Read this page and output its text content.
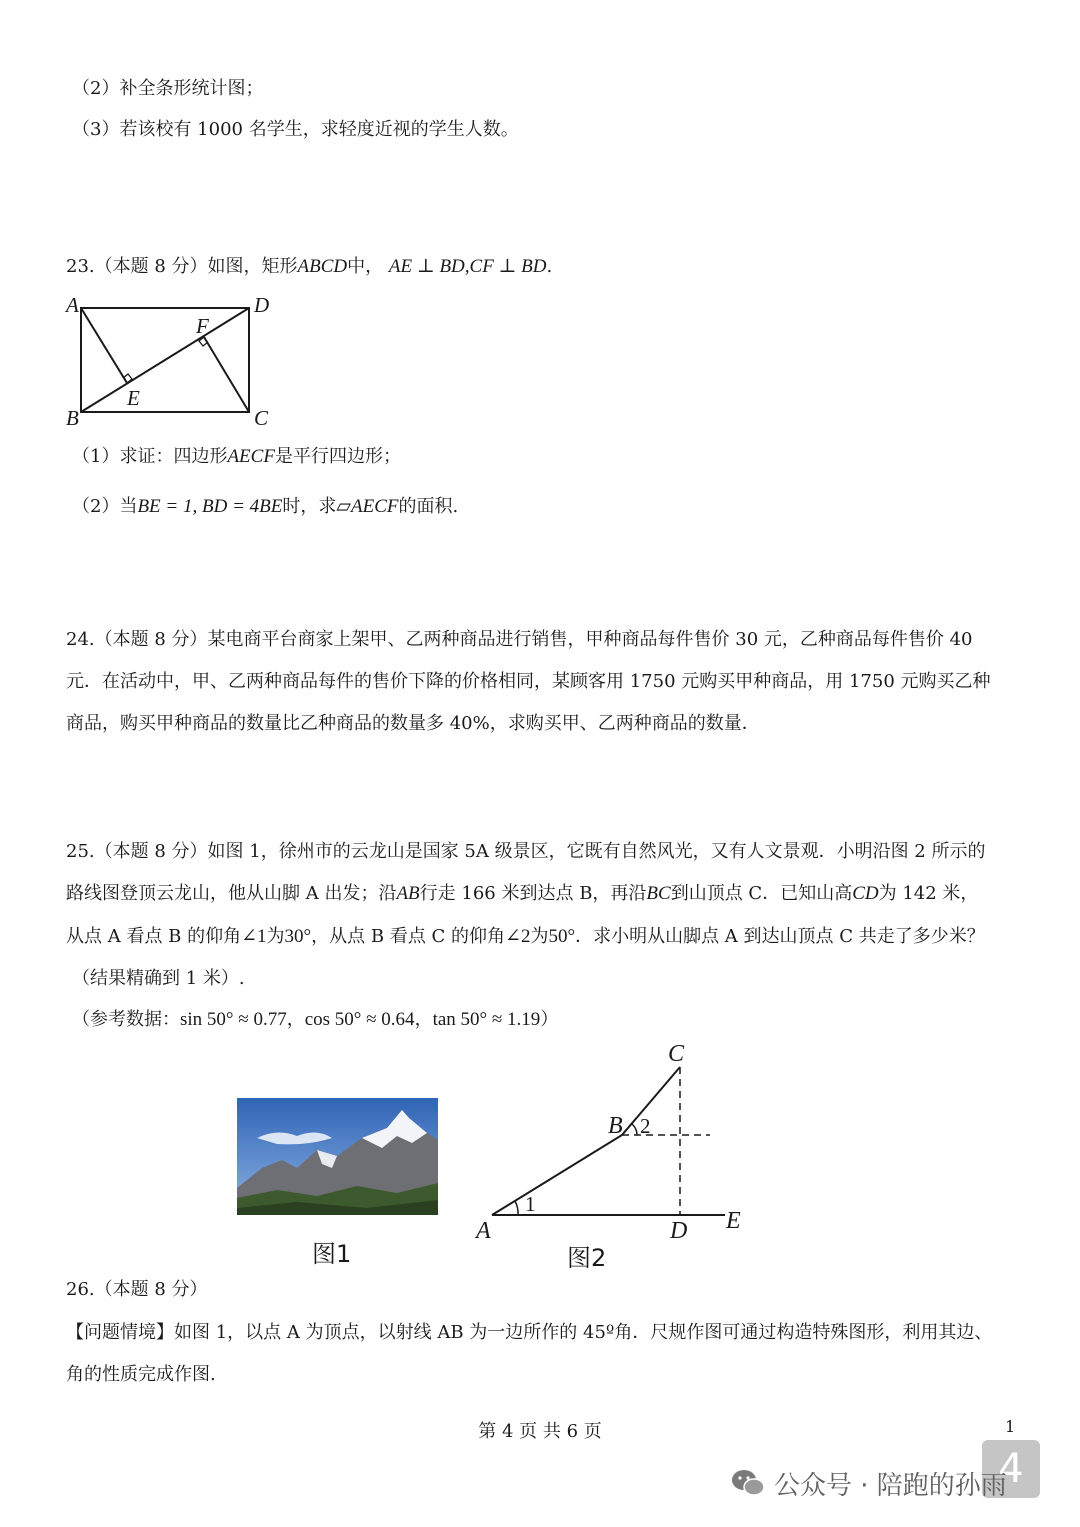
（2）补全条形统计图；
（3）若该校有 1000 名学生，求轻度近视的学生人数。
23.（本题 8 分）如图，矩形ABCD中， AE ⊥ BD,CF ⊥ BD.
A	D
B	C
E
F
（1）求证：四边形AECF是平行四边形；
（2）当BE = 1, BD = 4BE时，求▱AECF的面积.
24.（本题 8 分）某电商平台商家上架甲、乙两种商品进行销售，甲种商品每件售价 30 元，乙种商品每件售价 40
元．在活动中，甲、乙两种商品每件的售价下降的价格相同，某顾客用 1750 元购买甲种商品，用 1750 元购买乙种
商品，购买甲种商品的数量比乙种商品的数量多 40%，求购买甲、乙两种商品的数量．
25.（本题 8 分）如图 1，徐州市的云龙山是国家 5A 级景区，它既有自然风光，又有人文景观．小明沿图 2 所示的
路线图登顶云龙山，他从山脚 A 出发；沿AB行走 166 米到达点 B，再沿BC到山顶点 C．已知山高CD为 142 米，
从点 A 看点 B 的仰角∠1为30°，从点 B 看点 C 的仰角∠2为50°．求小明从山脚点 A 到达山顶点 C 共走了多少米？
（结果精确到 1 米）.
（参考数据：sin 50° ≈ 0.77，cos 50° ≈ 0.64，tan 50° ≈ 1.19）
图1
A
B
C
D E
1
2
图2
26.（本题 8 分）
【问题情境】如图 1，以点 A 为顶点，以射线 AB 为一边所作的 45º角．尺规作图可通过构造特殊图形，利用其边、
角的性质完成作图.
第 4 页 共 6 页	1
4
公众号 · 陪跑的孙雨
